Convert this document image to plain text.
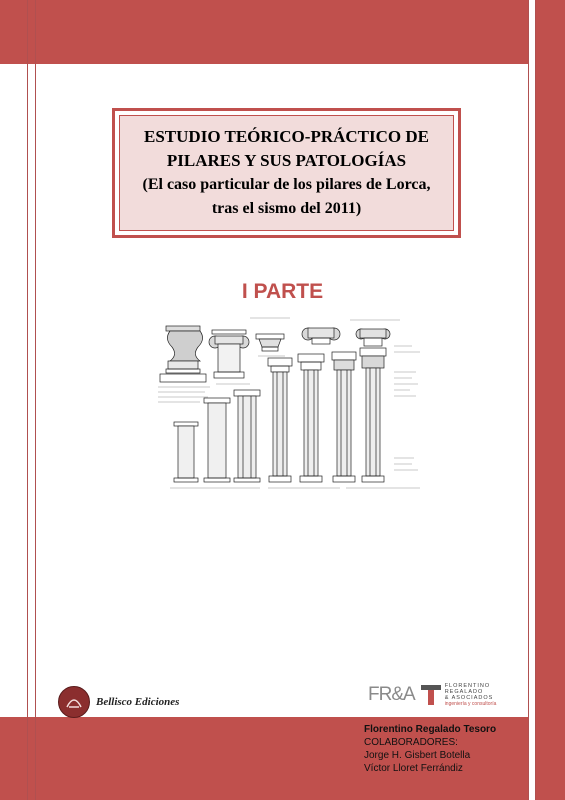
ESTUDIO TEÓRICO-PRÁCTICO DE
PILARES Y SUS PATOLOGÍAS
(El caso particular de los pilares de Lorca,
tras el sismo del 2011)
I PARTE
Bellisco Ediciones	FR&A	FLORENTINO
REGALADO
& ASOCIADOS
ingeniería y consultoría
Florentino Regalado Tesoro
COLABORADORES:
Jorge H. Gisbert Botella
Víctor Lloret Ferrándiz
